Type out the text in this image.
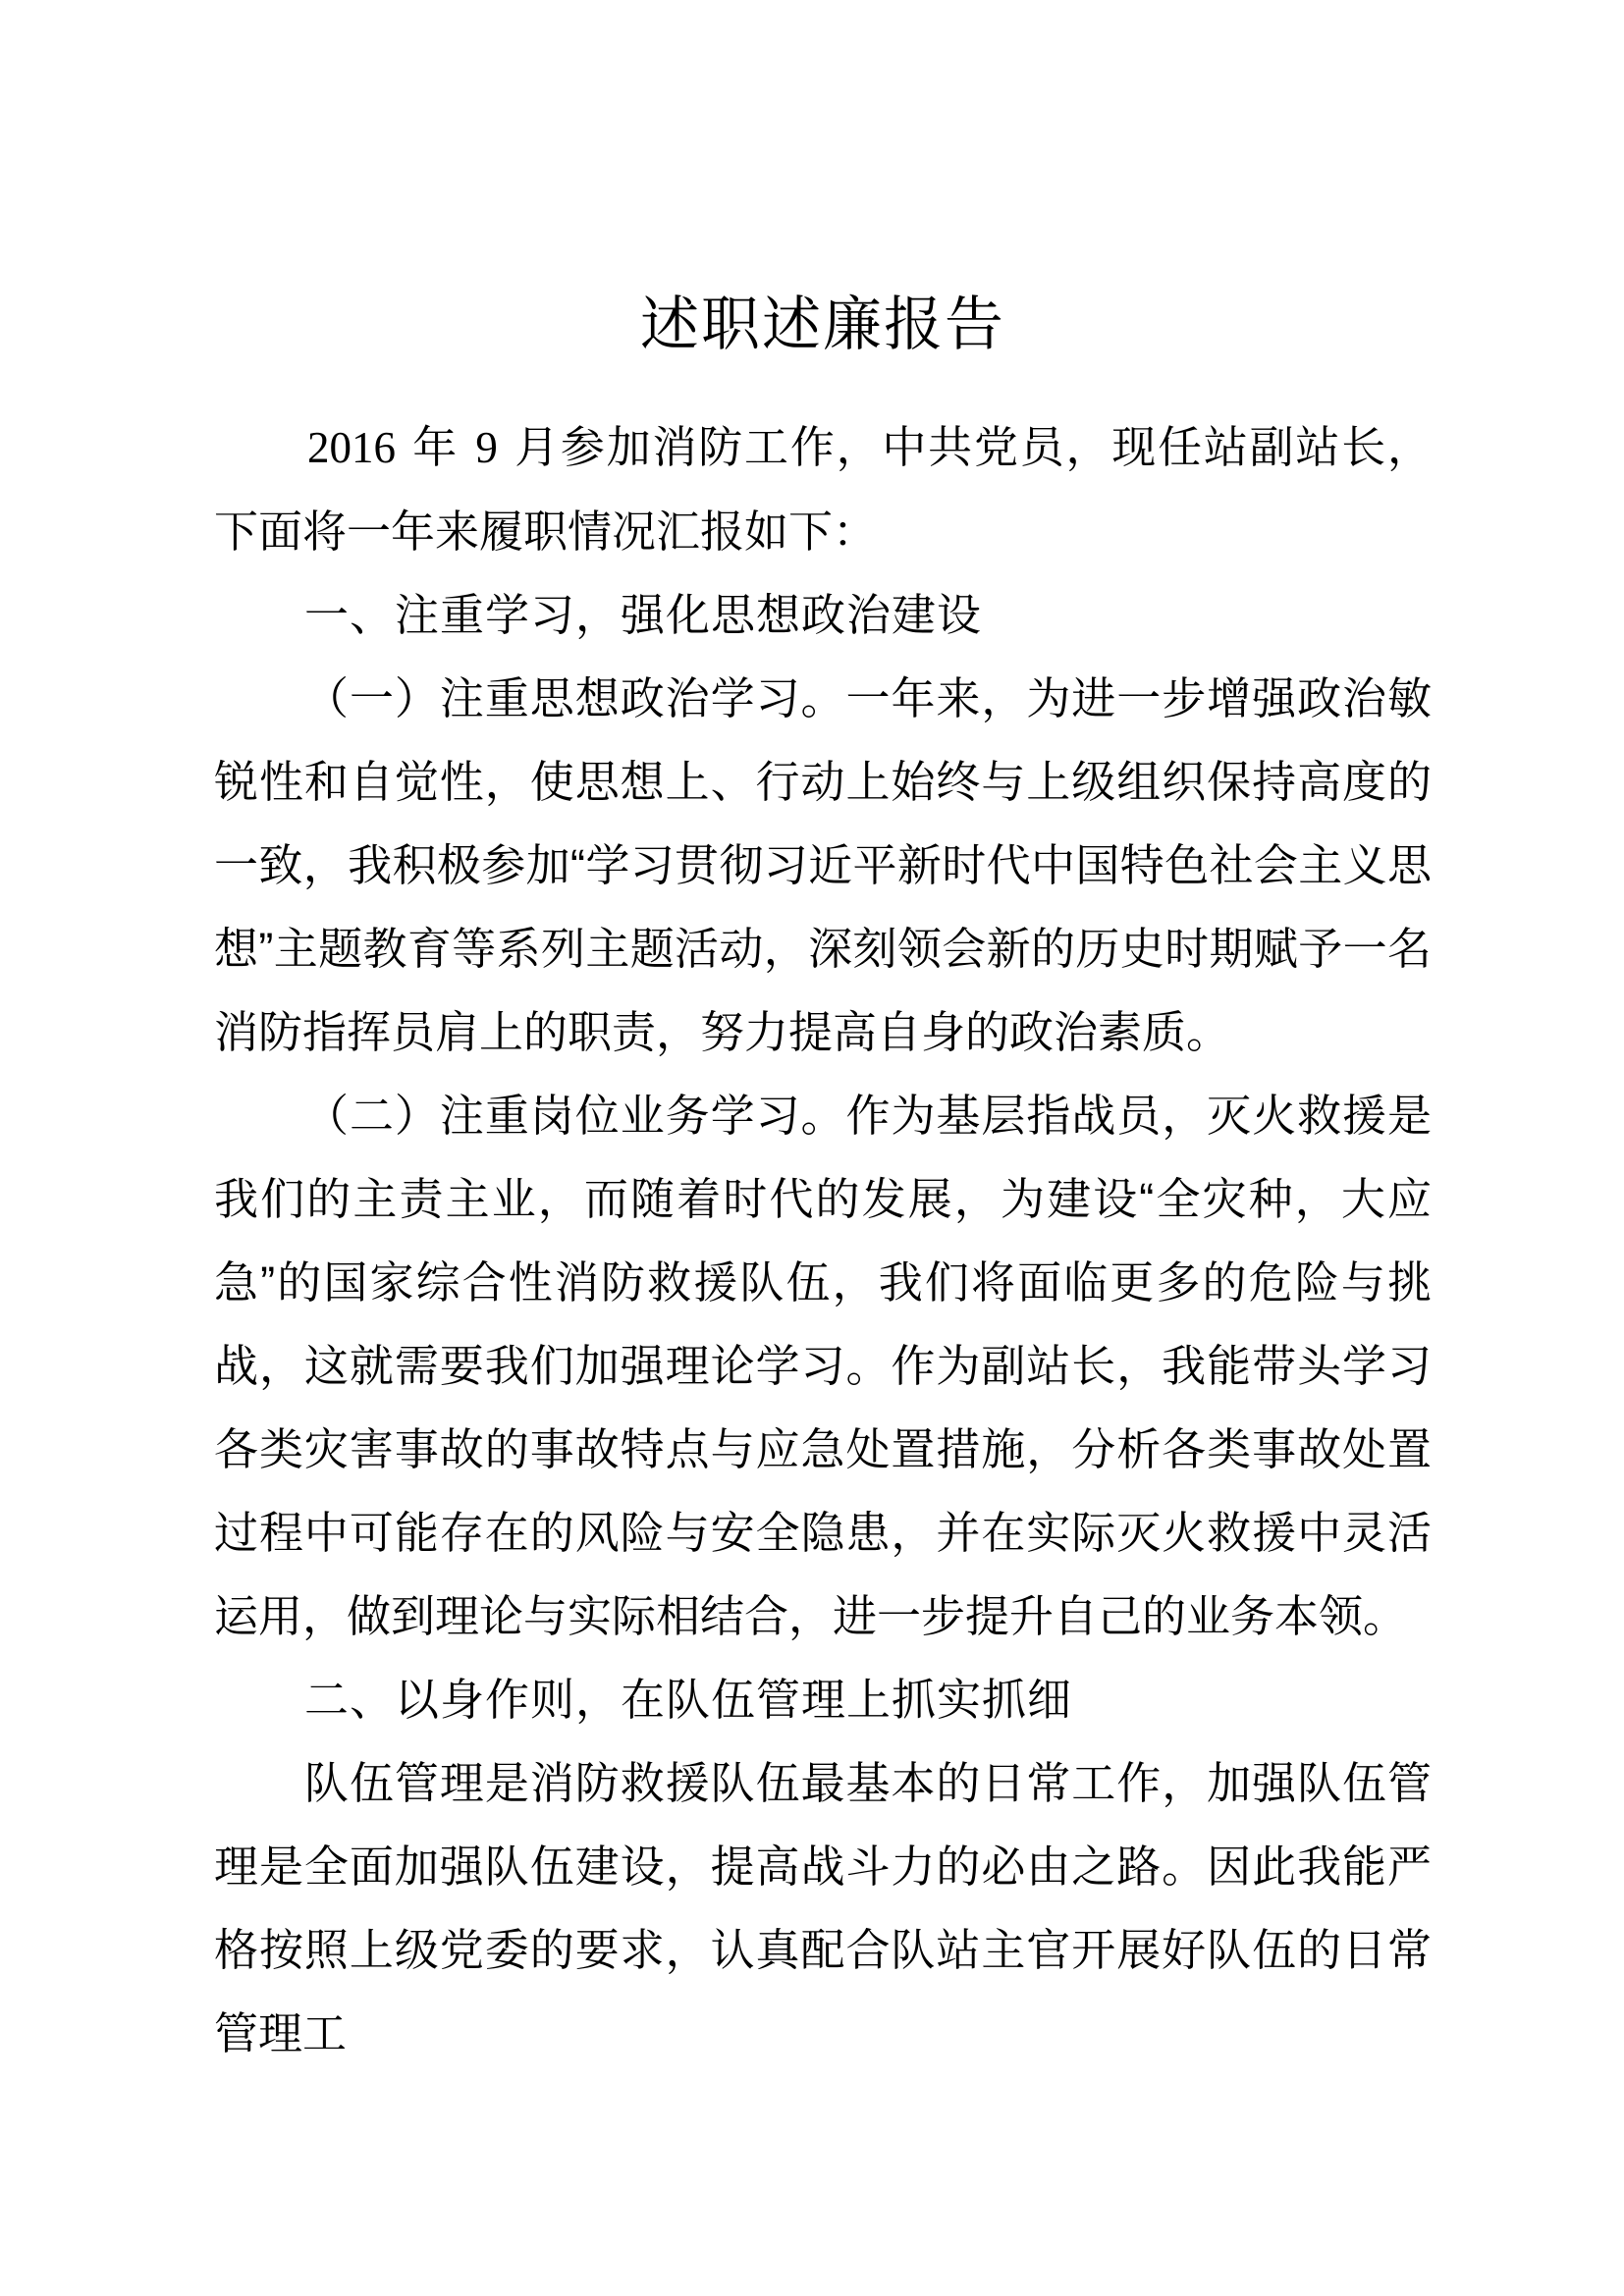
述职述廉报告

2016 年 9 月参加消防工作，中共党员，现任站副站长，下面将一年来履职情况汇报如下：

一、注重学习，强化思想政治建设

（一）注重思想政治学习。一年来，为进一步增强政治敏锐性和自觉性，使思想上、行动上始终与上级组织保持高度的一致，我积极参加“学习贯彻习近平新时代中国特色社会主义思想”主题教育等系列主题活动，深刻领会新的历史时期赋予一名消防指挥员肩上的职责，努力提高自身的政治素质。

（二）注重岗位业务学习。作为基层指战员，灭火救援是我们的主责主业，而随着时代的发展，为建设“全灾种，大应急”的国家综合性消防救援队伍，我们将面临更多的危险与挑战，这就需要我们加强理论学习。作为副站长，我能带头学习各类灾害事故的事故特点与应急处置措施，分析各类事故处置过程中可能存在的风险与安全隐患，并在实际灭火救援中灵活运用，做到理论与实际相结合，进一步提升自己的业务本领。

二、以身作则，在队伍管理上抓实抓细

队伍管理是消防救援队伍最基本的日常工作，加强队伍管理是全面加强队伍建设，提高战斗力的必由之路。因此我能严格按照上级党委的要求，认真配合队站主官开展好队伍的日常管理工
